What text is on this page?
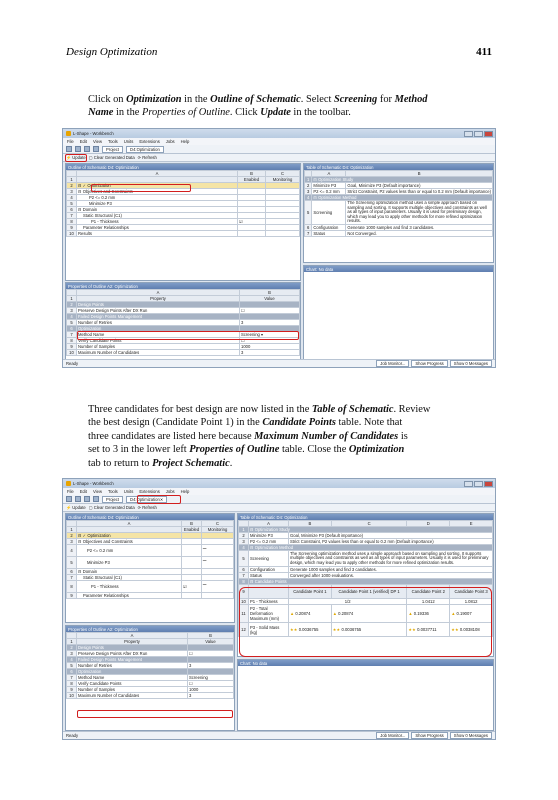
Design Optimization	411
Click on Optimization in the Outline of Schematic. Select Screening for Method
Name in the Properties of Outline. Click Update in the toolbar.
L-Shape - Workbench
File Edit View Tools Units Extensions Jobs Help
Project	D4:Optimization
⚡ Update ▢ Clear Generated Data ⟳ Refresh
Outline of Schematic D4: Optimization
	A	B	C
1		Enabled	Monitoring
2	⊟ ✓ Optimization		
3	⊟ Objectives and Constraints		
4	P2 <= 0.2 mm		
5	Minimize P3		
6	⊟ Domain		
7	Static Structural (C1)		
8	P1 - Thickness	☑	
9	Parameter Relationships		
10	Results		
Properties of Outline A2: Optimization
	A	B
1	Property	Value
2	Design Points	
3	Preserve Design Points After DX Run	☐
4	Failed Design Points Management	
5	Number of Retries	3
6	Optimization	
7	Method Name	Screening ▾
8	Verify Candidate Points	☐
9	Number of Samples	1000
10	Maximum Number of Candidates	3
Table of Schematic D4: Optimization
	A	B
1	⊟ Optimization Study	
2	Minimize P3	Goal, Minimize P3 (Default importance)
3	P2 <= 0.2 mm	Strict Constraint, P2 values less than or equal to 0.2 mm (Default importance)
4	⊟ Optimization Method	
5	Screening	The Screening optimization method uses a simple approach based on sampling and sorting. It supports multiple objectives and constraints as well as all types of input parameters. Usually it is used for preliminary design, which may lead you to apply other methods for more refined optimization results.
6	Configuration	Generate 1000 samples and find 3 candidates.
7	Status	Not Converged.
Chart: No data
Ready	Job Monitor...	Show Progress	Show 0 Messages
Three candidates for best design are now listed in the Table of Schematic. Review
the best design (Candidate Point 1) in the Candidate Points table. Note that
three candidates are listed here because Maximum Number of Candidates is
set to 3 in the lower left Properties of Outline table. Close the Optimization
tab to return to Project Schematic.
L-Shape - Workbench
File Edit View Tools Units Extensions Jobs Help
Project	D4:Optimization ✕
⚡ Update ▢ Clear Generated Data ⟳ Refresh
Outline of Schematic D4: Optimization
	A	B	C
1		Enabled	Monitoring
2	⊟ ✓ Optimization		
3	⊟ Objectives and Constraints		
4	P2 <= 0.2 mm		⁀
5	Minimize P3		⁀
6	⊟ Domain		
7	Static Structural (C1)		
8	P1 - Thickness	☑	⁀
9	Parameter Relationships		
Properties of Outline A2: Optimization
	A	B
1	Property	Value
2	Design Points	
3	Preserve Design Points After DX Run	☐
4	Failed Design Points Management	
5	Number of Retries	3
6	Optimization	
7	Method Name	Screening
8	Verify Candidate Points	☐
9	Number of Samples	1000
10	Maximum Number of Candidates	3
Table of Schematic D4: Optimization
	A	B	C	D	E
1	⊟ Optimization Study				
2	Minimize P3	Goal, Minimize P3 (Default importance)			
3	P2 <= 0.2 mm	Strict Constraint, P2 values less than or equal to 0.2 mm (Default importance)			
4	⊟ Optimization Method				
5	Screening	The Screening optimization method uses a simple approach based on sampling and sorting. It supports multiple objectives and constraints as well as all types of input parameters. Usually it is used for preliminary design, which may lead you to apply other methods for more refined optimization results.			
6	Configuration	Generate 1000 samples and find 3 candidates.			
7	Status	Converged after 1000 evaluations.			
8	⊟ Candidate Points				
9		Candidate Point 1	Candidate Point 1 (verified) DP 1	Candidate Point 2	Candidate Point 3
10	P1 - Thickness	1/2		1.0412	1.0812
11	P2 - Total Deformation Maximum (mm)	▲ 0.20874	▲ 0.20874	▲ 0.19336	▲ 0.19007
12	P3 - Solid Mass (kg)	★★ 0.0036755	★★ 0.0036755	★★ 0.0037711	★★ 0.0038108
Chart: No data
Ready	Job Monitor...	Show Progress	Show 0 Messages
